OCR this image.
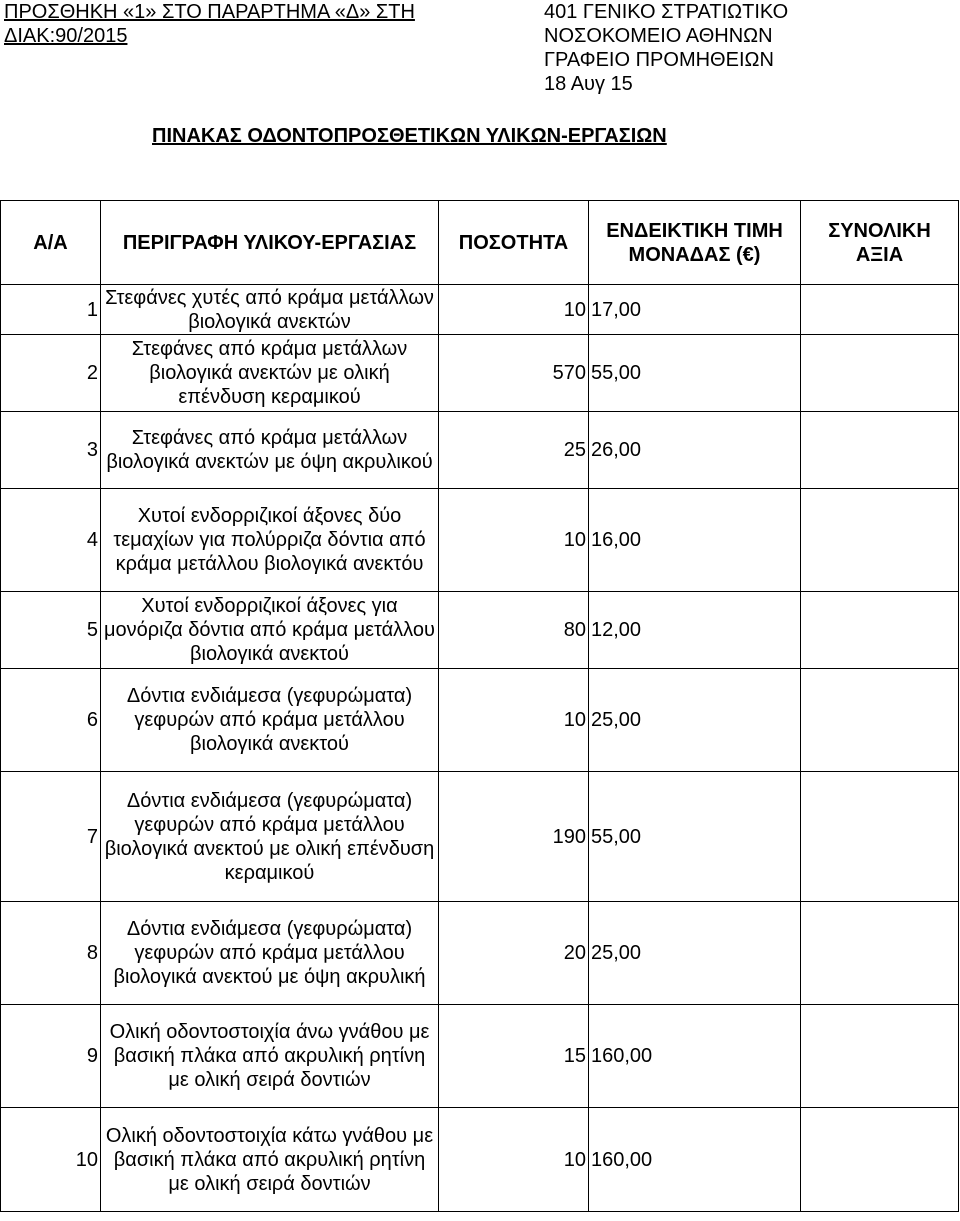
ΠΡΟΣΘΗΚΗ «1» ΣΤΟ ΠΑΡΑΡΤΗΜΑ «Δ» ΣΤΗ
ΔΙΑΚ:90/2015
401 ΓΕΝΙΚΟ ΣΤΡΑΤΙΩΤΙΚΟ
ΝΟΣΟΚΟΜΕΙΟ ΑΘΗΝΩΝ
ΓΡΑΦΕΙΟ ΠΡΟΜΗΘΕΙΩΝ
18 Αυγ 15
ΠΙΝΑΚΑΣ ΟΔΟΝΤΟΠΡΟΣΘΕΤΙΚΩΝ ΥΛΙΚΩΝ-ΕΡΓΑΣΙΩΝ
Α/Α	ΠΕΡΙΓΡΑΦΗ ΥΛΙΚΟΥ-ΕΡΓΑΣΙΑΣ	ΠΟΣΟΤΗΤΑ	ΕΝΔΕΙΚΤΙΚΗ ΤΙΜΗ ΜΟΝΑΔΑΣ (€)	ΣΥΝΟΛΙΚΗ ΑΞΙΑ
1	Στεφάνες χυτές από κράμα μετάλλων βιολογικά ανεκτών	10	17,00	
2	Στεφάνες από κράμα μετάλλων βιολογικά ανεκτών με ολική επένδυση κεραμικού	570	55,00	
3	Στεφάνες από κράμα μετάλλων βιολογικά ανεκτών με όψη ακρυλικού	25	26,00	
4	Χυτοί ενδορριζικοί άξονες δύο τεμαχίων για πολύρριζα δόντια από κράμα μετάλλου βιολογικά ανεκτόυ	10	16,00	
5	Χυτοί ενδορριζικοί άξονες για μονόριζα δόντια από κράμα μετάλλου βιολογικά ανεκτού	80	12,00	
6	Δόντια ενδιάμεσα (γεφυρώματα) γεφυρών από κράμα μετάλλου βιολογικά ανεκτού	10	25,00	
7	Δόντια ενδιάμεσα (γεφυρώματα) γεφυρών από κράμα μετάλλου βιολογικά ανεκτού με ολική επένδυση κεραμικού	190	55,00	
8	Δόντια ενδιάμεσα (γεφυρώματα) γεφυρών από κράμα μετάλλου βιολογικά ανεκτού με όψη ακρυλική	20	25,00	
9	Ολική οδοντοστοιχία άνω γνάθου με βασική πλάκα από ακρυλική ρητίνη με ολική σειρά δοντιών	15	160,00	
10	Ολική οδοντοστοιχία κάτω γνάθου με βασική πλάκα από ακρυλική ρητίνη με ολική σειρά δοντιών	10	160,00	
